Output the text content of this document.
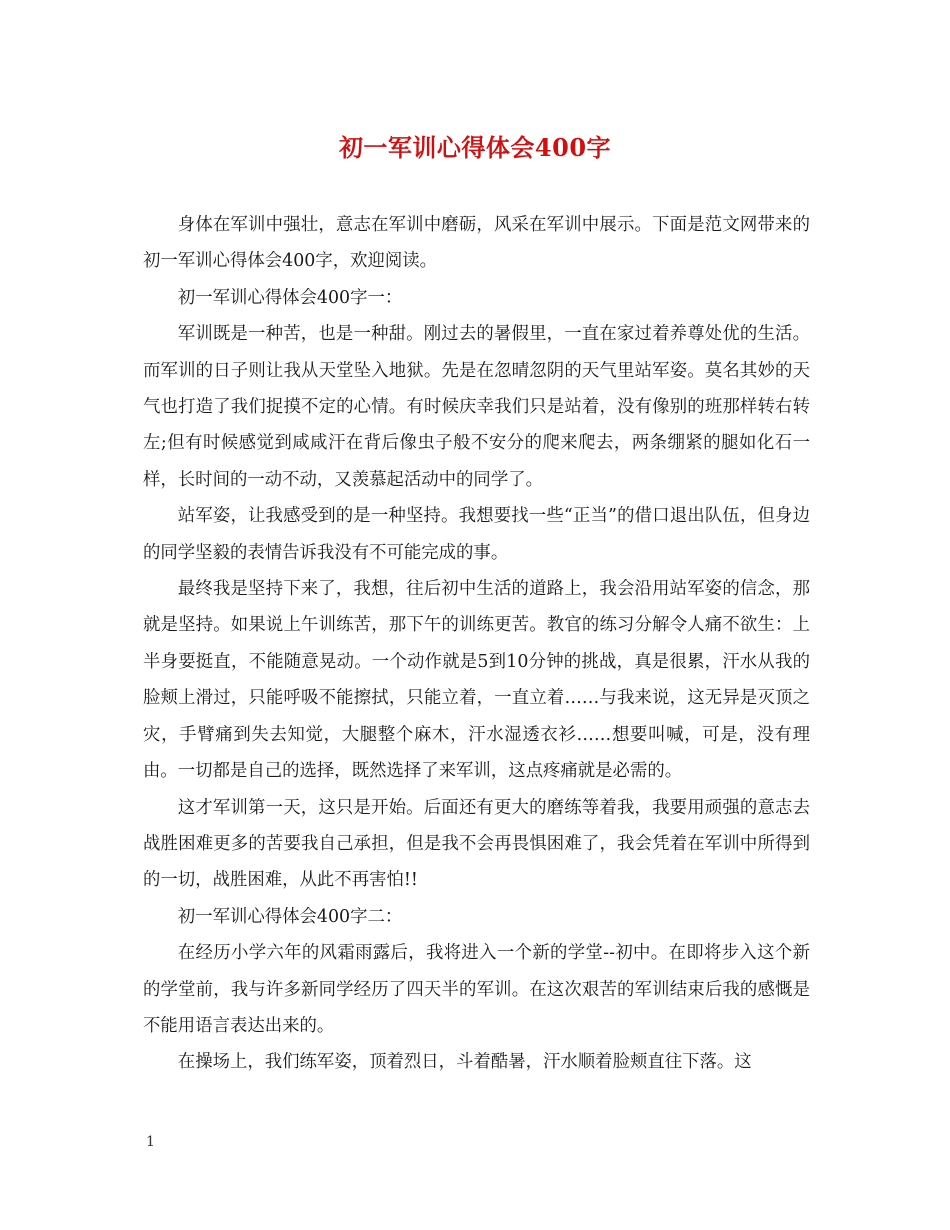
初一军训心得体会400字

身体在军训中强壮，意志在军训中磨砺，风采在军训中展示。下面是范文网带来的初一军训心得体会400字，欢迎阅读。

初一军训心得体会400字一：

军训既是一种苦，也是一种甜。刚过去的暑假里，一直在家过着养尊处优的生活。而军训的日子则让我从天堂坠入地狱。先是在忽晴忽阴的天气里站军姿。莫名其妙的天气也打造了我们捉摸不定的心情。有时候庆幸我们只是站着，没有像别的班那样转右转左;但有时候感觉到咸咸汗在背后像虫子般不安分的爬来爬去，两条绷紧的腿如化石一样，长时间的一动不动，又羡慕起活动中的同学了。

站军姿，让我感受到的是一种坚持。我想要找一些“正当”的借口退出队伍，但身边的同学坚毅的表情告诉我没有不可能完成的事。

最终我是坚持下来了，我想，往后初中生活的道路上，我会沿用站军姿的信念，那就是坚持。如果说上午训练苦，那下午的训练更苦。教官的练习分解令人痛不欲生：上半身要挺直，不能随意晃动。一个动作就是5到10分钟的挑战，真是很累，汗水从我的脸颊上滑过，只能呼吸不能擦拭，只能立着，一直立着……与我来说，这无异是灭顶之灾，手臂痛到失去知觉，大腿整个麻木，汗水湿透衣衫……想要叫喊，可是，没有理由。一切都是自己的选择，既然选择了来军训，这点疼痛就是必需的。

这才军训第一天，这只是开始。后面还有更大的磨练等着我，我要用顽强的意志去战胜困难更多的苦要我自己承担，但是我不会再畏惧困难了，我会凭着在军训中所得到的一切，战胜困难，从此不再害怕!!

初一军训心得体会400字二：

在经历小学六年的风霜雨露后，我将进入一个新的学堂--初中。在即将步入这个新的学堂前，我与许多新同学经历了四天半的军训。在这次艰苦的军训结束后我的感慨是不能用语言表达出来的。

在操场上，我们练军姿，顶着烈日，斗着酷暑，汗水顺着脸颊直往下落。这

1
